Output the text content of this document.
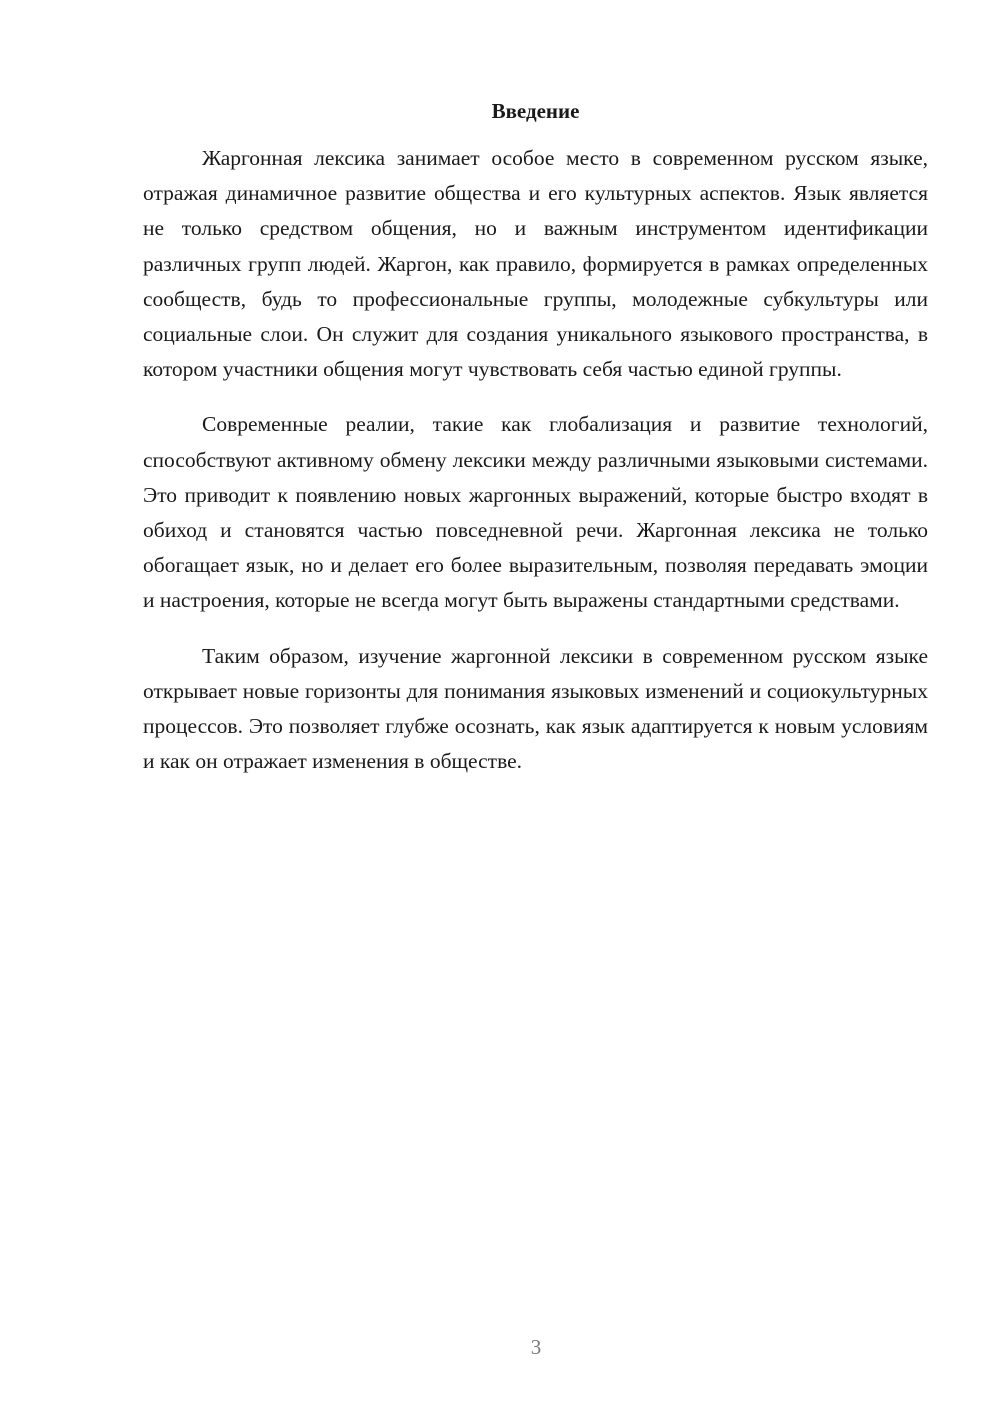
Введение

Жаргонная лексика занимает особое место в современном русском языке, отражая динамичное развитие общества и его культурных аспектов. Язык является не только средством общения, но и важным инструментом идентификации различных групп людей. Жаргон, как правило, формируется в рамках определенных сообществ, будь то профессиональные группы, молодежные субкультуры или социальные слои. Он служит для создания уникального языкового пространства, в котором участники общения могут чувствовать себя частью единой группы.

Современные реалии, такие как глобализация и развитие технологий, способствуют активному обмену лексики между различными языковыми системами. Это приводит к появлению новых жаргонных выражений, которые быстро входят в обиход и становятся частью повседневной речи. Жаргонная лексика не только обогащает язык, но и делает его более выразительным, позволяя передавать эмоции и настроения, которые не всегда могут быть выражены стандартными средствами.

Таким образом, изучение жаргонной лексики в современном русском языке открывает новые горизонты для понимания языковых изменений и социокультурных процессов. Это позволяет глубже осознать, как язык адаптируется к новым условиям и как он отражает изменения в обществе.

3
